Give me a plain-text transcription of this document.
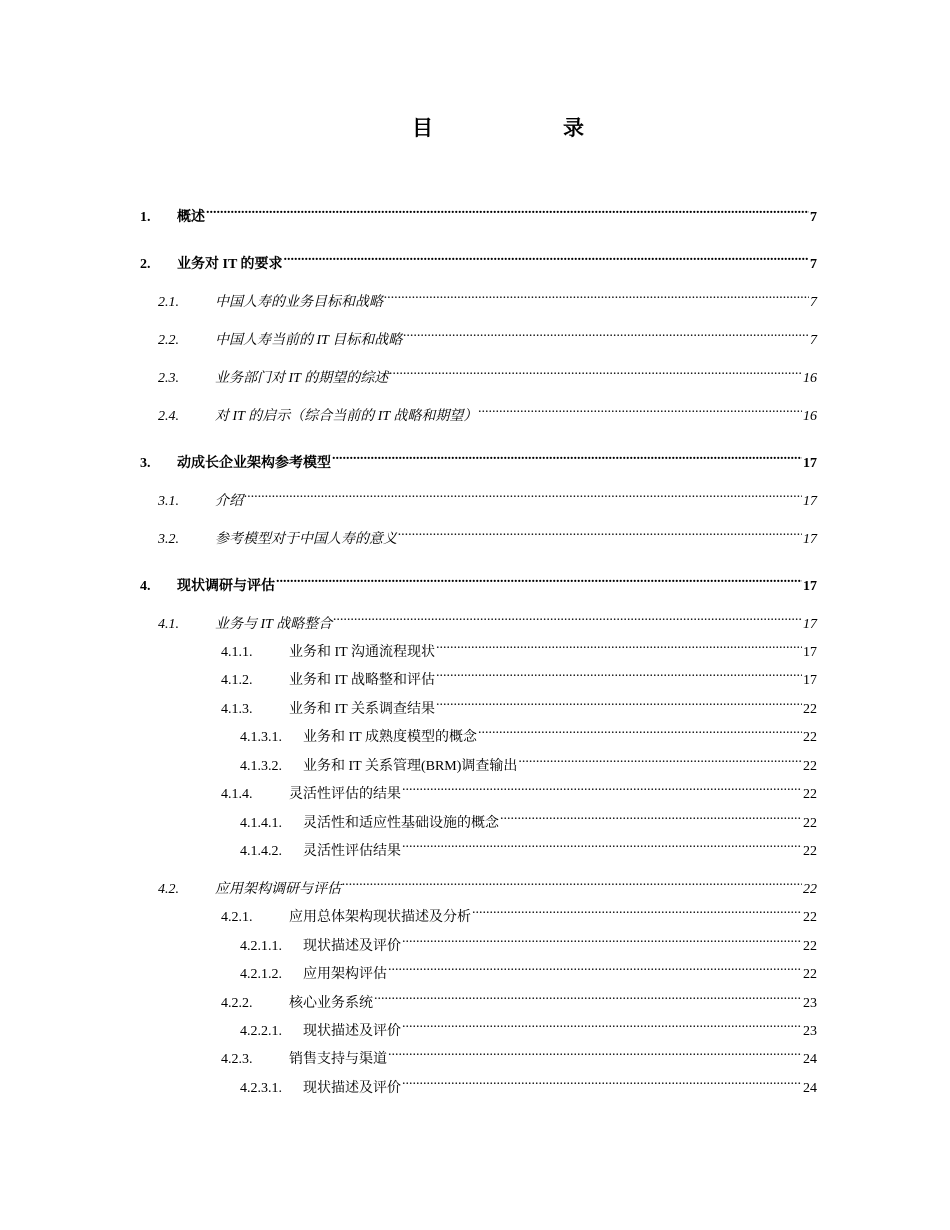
目	录
1.	概述 .....	7
2.	业务对 IT 的要求 .....	7
2.1.	中国人寿的业务目标和战略 .....	7
2.2.	中国人寿当前的 IT 目标和战略 .....	7
2.3.	业务部门对 IT 的期望的综述 .....	16
2.4.	对 IT 的启示（综合当前的 IT 战略和期望） .....	16
3.	动成长企业架构参考模型 .....	17
3.1.	介绍 .....	17
3.2.	参考模型对于中国人寿的意义 .....	17
4.	现状调研与评估 .....	17
4.1.	业务与 IT 战略整合 .....	17
4.1.1.	业务和 IT 沟通流程现状 .....	17
4.1.2.	业务和 IT 战略整和评估 .....	17
4.1.3.	业务和 IT 关系调查结果 .....	22
4.1.3.1.	业务和 IT 成熟度模型的概念 .....	22
4.1.3.2.	业务和 IT 关系管理(BRM)调查输出 .....	22
4.1.4.	灵活性评估的结果 .....	22
4.1.4.1.	灵活性和适应性基础设施的概念 .....	22
4.1.4.2.	灵活性评估结果 .....	22
4.2.	应用架构调研与评估 .....	22
4.2.1.	应用总体架构现状描述及分析 .....	22
4.2.1.1.	现状描述及评价 .....	22
4.2.1.2.	应用架构评估 .....	22
4.2.2.	核心业务系统 .....	23
4.2.2.1.	现状描述及评价 .....	23
4.2.3.	销售支持与渠道 .....	24
4.2.3.1.	现状描述及评价 .....	24
